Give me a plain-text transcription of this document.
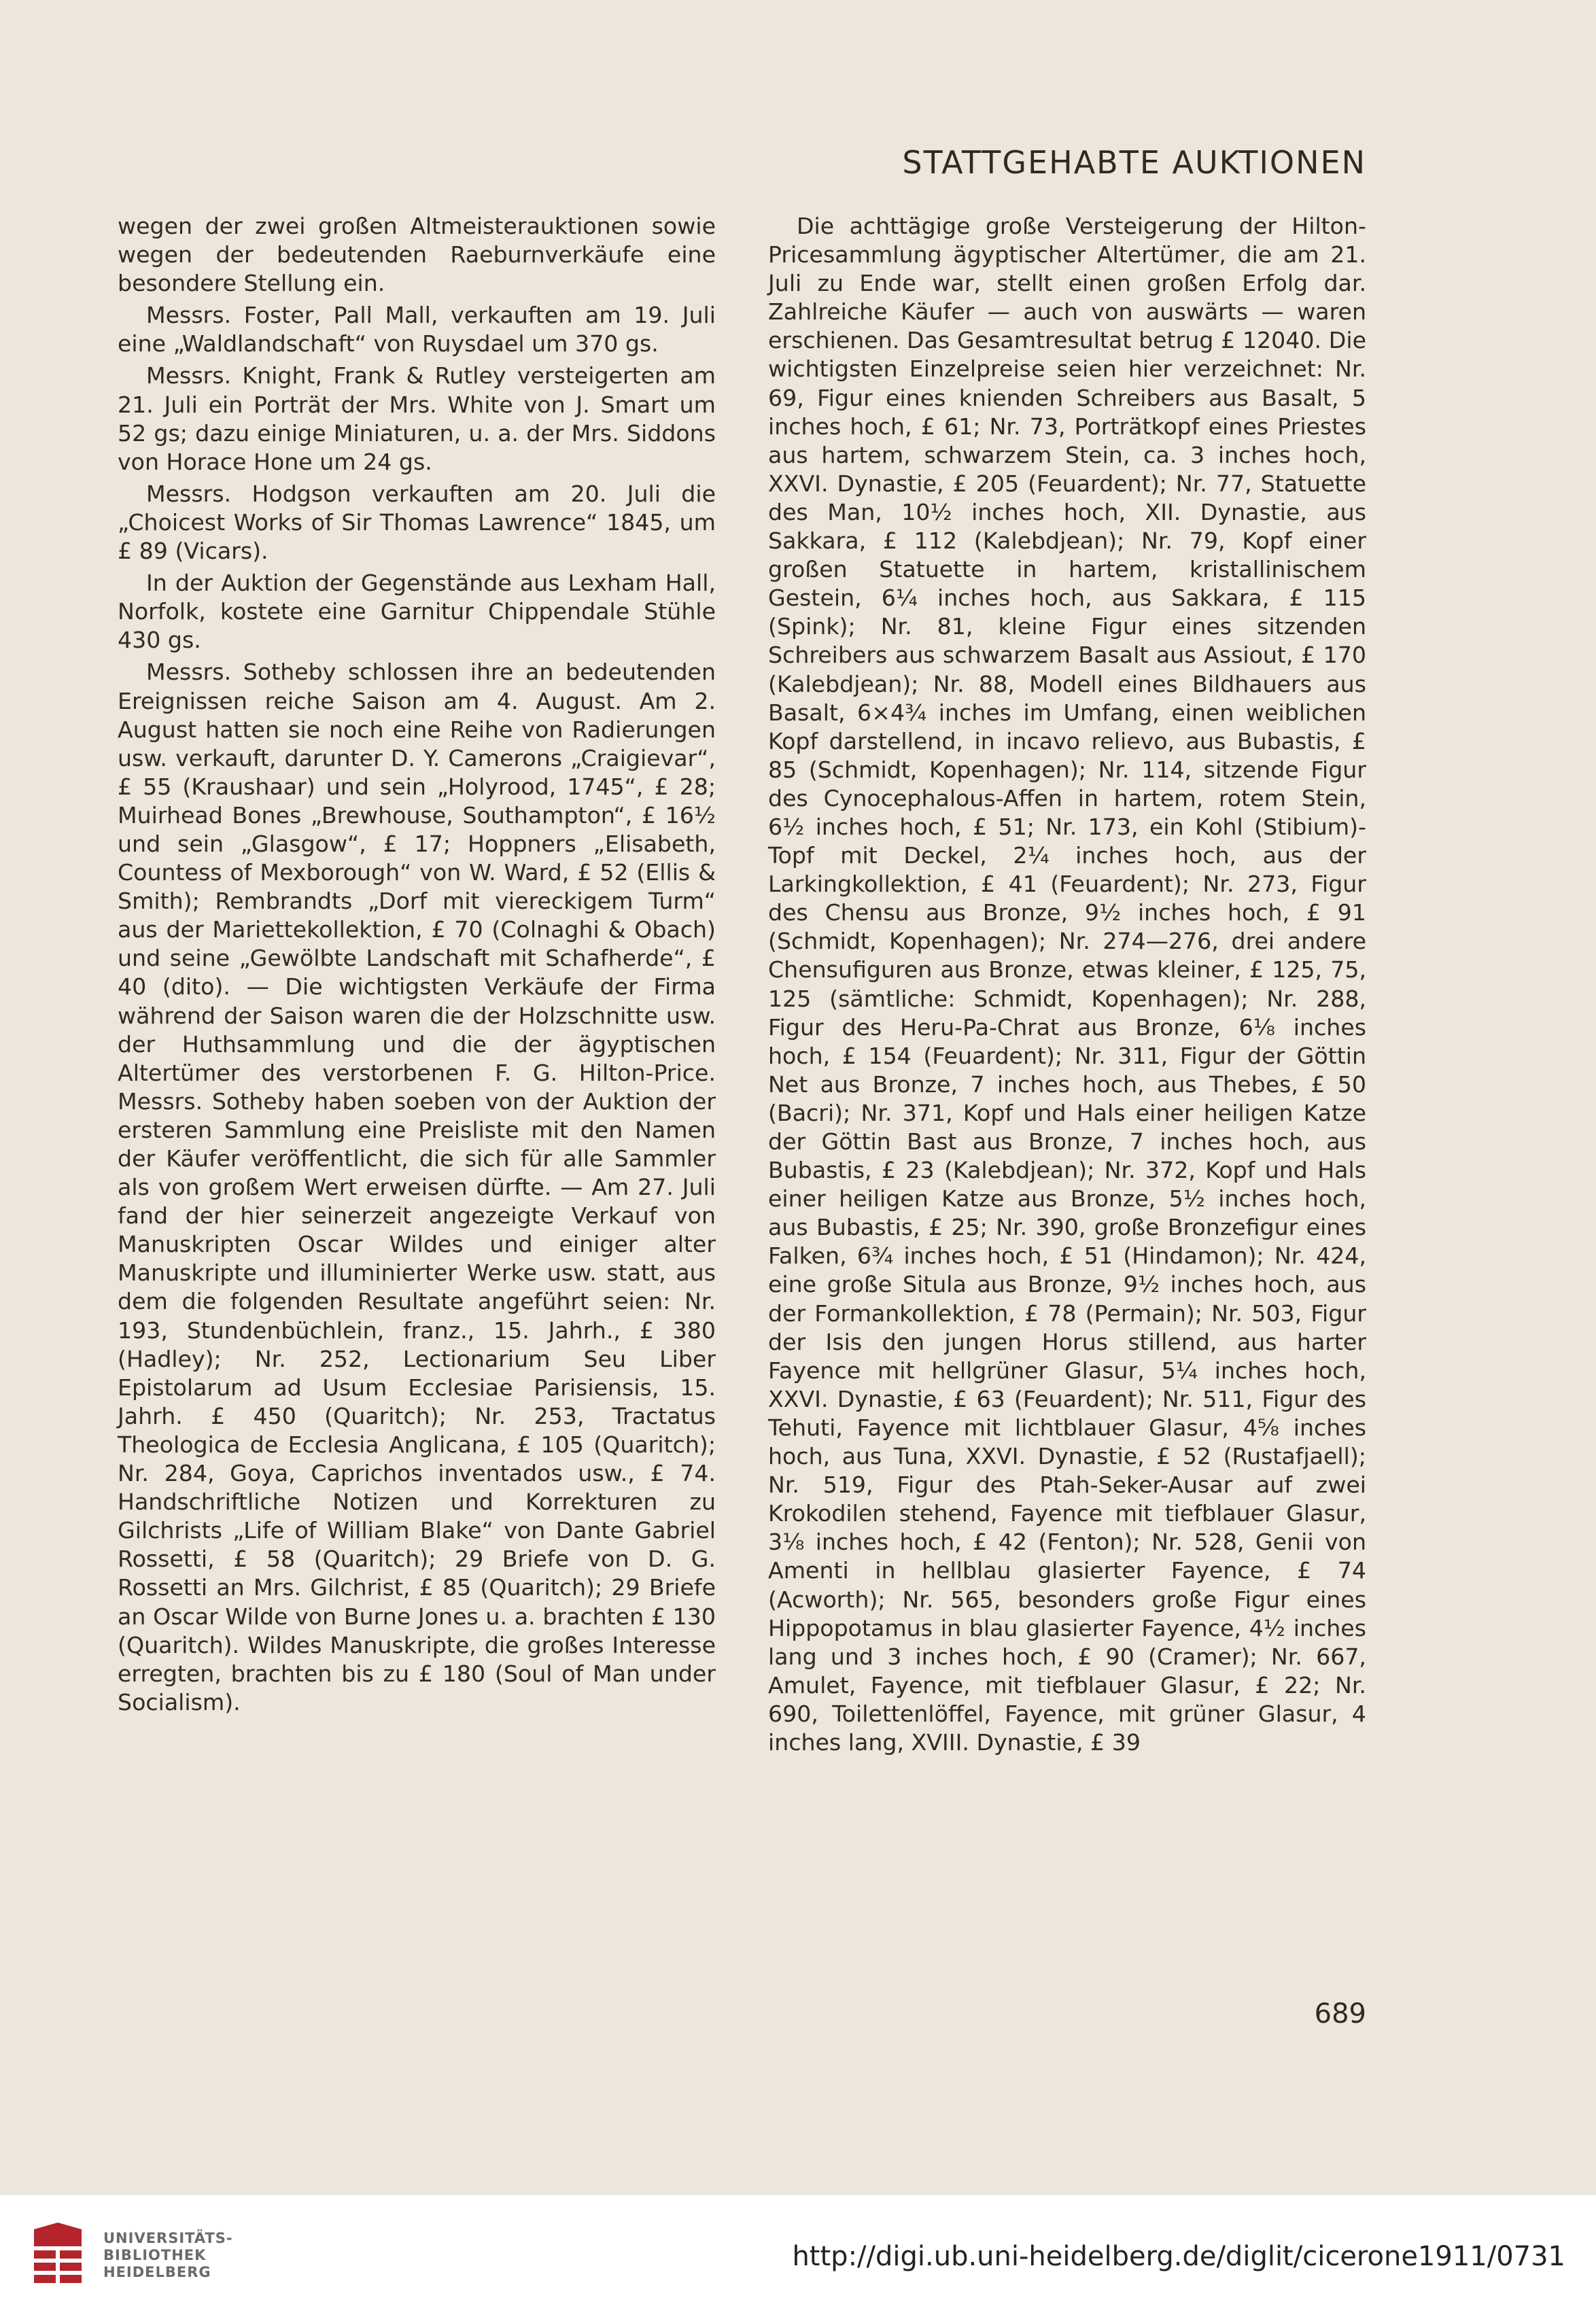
STATTGEHABTE AUKTIONEN

wegen der zwei großen Altmeisterauktionen sowie wegen der bedeutenden Raeburnverkäufe eine besondere Stellung ein.

Messrs. Foster, Pall Mall, verkauften am 19. Juli eine „Waldlandschaft“ von Ruysdael um 370 gs.

Messrs. Knight, Frank & Rutley versteigerten am 21. Juli ein Porträt der Mrs. White von J. Smart um 52 gs; dazu einige Miniaturen, u. a. der Mrs. Siddons von Horace Hone um 24 gs.

Messrs. Hodgson verkauften am 20. Juli die „Choicest Works of Sir Thomas Lawrence“ 1845, um £ 89 (Vicars).

In der Auktion der Gegenstände aus Lexham Hall, Norfolk, kostete eine Garnitur Chippendale Stühle 430 gs.

Messrs. Sotheby schlossen ihre an bedeutenden Ereignissen reiche Saison am 4. August. Am 2. August hatten sie noch eine Reihe von Radierungen usw. verkauft, darunter D. Y. Camerons „Craigievar“, £ 55 (Kraushaar) und sein „Holyrood, 1745“, £ 28; Muirhead Bones „Brewhouse, Southampton“, £ 16½ und sein „Glasgow“, £ 17; Hoppners „Elisabeth, Countess of Mexborough“ von W. Ward, £ 52 (Ellis & Smith); Rembrandts „Dorf mit viereckigem Turm“ aus der Mariettekollektion, £ 70 (Colnaghi & Obach) und seine „Gewölbte Landschaft mit Schafherde“, £ 40 (dito). — Die wichtigsten Verkäufe der Firma während der Saison waren die der Holzschnitte usw. der Huthsammlung und die der ägyptischen Altertümer des verstorbenen F. G. Hilton-Price. Messrs. Sotheby haben soeben von der Auktion der ersteren Sammlung eine Preisliste mit den Namen der Käufer veröffentlicht, die sich für alle Sammler als von großem Wert erweisen dürfte. — Am 27. Juli fand der hier seinerzeit angezeigte Verkauf von Manuskripten Oscar Wildes und einiger alter Manuskripte und illuminierter Werke usw. statt, aus dem die folgenden Resultate angeführt seien: Nr. 193, Stundenbüchlein, franz., 15. Jahrh., £ 380 (Hadley); Nr. 252, Lectionarium Seu Liber Epistolarum ad Usum Ecclesiae Parisiensis, 15. Jahrh. £ 450 (Quaritch); Nr. 253, Tractatus Theologica de Ecclesia Anglicana, £ 105 (Quaritch); Nr. 284, Goya, Caprichos inventados usw., £ 74. Handschriftliche Notizen und Korrekturen zu Gilchrists „Life of William Blake“ von Dante Gabriel Rossetti, £ 58 (Quaritch); 29 Briefe von D. G. Rossetti an Mrs. Gilchrist, £ 85 (Quaritch); 29 Briefe an Oscar Wilde von Burne Jones u. a. brachten £ 130 (Quaritch). Wildes Manuskripte, die großes Interesse erregten, brachten bis zu £ 180 (Soul of Man under Socialism).

Die achttägige große Versteigerung der Hilton-Pricesammlung ägyptischer Altertümer, die am 21. Juli zu Ende war, stellt einen großen Erfolg dar. Zahlreiche Käufer — auch von auswärts — waren erschienen. Das Gesamtresultat betrug £ 12040. Die wichtigsten Einzelpreise seien hier verzeichnet: Nr. 69, Figur eines knienden Schreibers aus Basalt, 5 inches hoch, £ 61; Nr. 73, Porträtkopf eines Priestes aus hartem, schwarzem Stein, ca. 3 inches hoch, XXVI. Dynastie, £ 205 (Feuardent); Nr. 77, Statuette des Man, 10½ inches hoch, XII. Dynastie, aus Sakkara, £ 112 (Kalebdjean); Nr. 79, Kopf einer großen Statuette in hartem, kristallinischem Gestein, 6¼ inches hoch, aus Sakkara, £ 115 (Spink); Nr. 81, kleine Figur eines sitzenden Schreibers aus schwarzem Basalt aus Assiout, £ 170 (Kalebdjean); Nr. 88, Modell eines Bildhauers aus Basalt, 6×4¾ inches im Umfang, einen weiblichen Kopf darstellend, in incavo relievo, aus Bubastis, £ 85 (Schmidt, Kopenhagen); Nr. 114, sitzende Figur des Cynocephalous-Affen in hartem, rotem Stein, 6½ inches hoch, £ 51; Nr. 173, ein Kohl (Stibium)-Topf mit Deckel, 2¼ inches hoch, aus der Larkingkollektion, £ 41 (Feuardent); Nr. 273, Figur des Chensu aus Bronze, 9½ inches hoch, £ 91 (Schmidt, Kopenhagen); Nr. 274—276, drei andere Chensufiguren aus Bronze, etwas kleiner, £ 125, 75, 125 (sämtliche: Schmidt, Kopenhagen); Nr. 288, Figur des Heru-Pa-Chrat aus Bronze, 6⅛ inches hoch, £ 154 (Feuardent); Nr. 311, Figur der Göttin Net aus Bronze, 7 inches hoch, aus Thebes, £ 50 (Bacri); Nr. 371, Kopf und Hals einer heiligen Katze der Göttin Bast aus Bronze, 7 inches hoch, aus Bubastis, £ 23 (Kalebdjean); Nr. 372, Kopf und Hals einer heiligen Katze aus Bronze, 5½ inches hoch, aus Bubastis, £ 25; Nr. 390, große Bronzefigur eines Falken, 6¾ inches hoch, £ 51 (Hindamon); Nr. 424, eine große Situla aus Bronze, 9½ inches hoch, aus der Formankollektion, £ 78 (Permain); Nr. 503, Figur der Isis den jungen Horus stillend, aus harter Fayence mit hellgrüner Glasur, 5¼ inches hoch, XXVI. Dynastie, £ 63 (Feuardent); Nr. 511, Figur des Tehuti, Fayence mit lichtblauer Glasur, 4⅝ inches hoch, aus Tuna, XXVI. Dynastie, £ 52 (Rustafjaell); Nr. 519, Figur des Ptah-Seker-Ausar auf zwei Krokodilen stehend, Fayence mit tiefblauer Glasur, 3⅛ inches hoch, £ 42 (Fenton); Nr. 528, Genii von Amenti in hellblau glasierter Fayence, £ 74 (Acworth); Nr. 565, besonders große Figur eines Hippopotamus in blau glasierter Fayence, 4½ inches lang und 3 inches hoch, £ 90 (Cramer); Nr. 667, Amulet, Fayence, mit tiefblauer Glasur, £ 22; Nr. 690, Toilettenlöffel, Fayence, mit grüner Glasur, 4 inches lang, XVIII. Dynastie, £ 39

689
UNIVERSITÄTS-
BIBLIOTHEK
HEIDELBERG	http://digi.ub.uni-heidelberg.de/diglit/cicerone1911/0731
